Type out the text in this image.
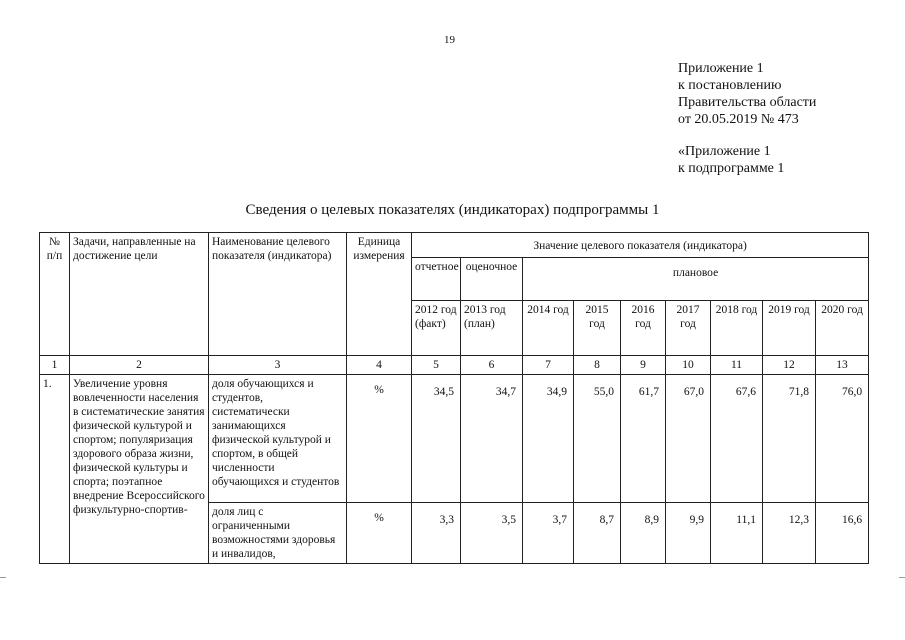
19
Приложение 1
к постановлению
Правительства области
от 20.05.2019 № 473
«Приложение 1
к подпрограмме 1
Сведения о целевых показателях (индикаторах) подпрограммы 1
№ п/п	Задачи, направленные на достижение цели	Наименование целевого показателя (индикатора)	Единица измерения	Значение целевого показателя (индикатора)								
				отчетное	оценочное	плановое						
				2012 год (факт)	2013 год (план)	2014 год	2015 год	2016 год	2017 год	2018 год	2019 год	2020 год
1	2	3	4	5	6	7	8	9	10	11	12	13
1.	Увеличение уровня вовлеченности населения в систематические занятия физической культурой и спортом; популяризация здорового образа жизни, физической культуры и спорта; поэтапное внедрение Всероссийского физкультурно-спортив-	доля обучающихся и студентов, систематически занимающихся физической культурой и спортом, в общей численности обучающихся и студентов	%	34,5	34,7	34,9	55,0	61,7	67,0	67,6	71,8	76,0
		доля лиц с ограниченными возможностями здоровья и инвалидов,	%	3,3	3,5	3,7	8,7	8,9	9,9	11,1	12,3	16,6
